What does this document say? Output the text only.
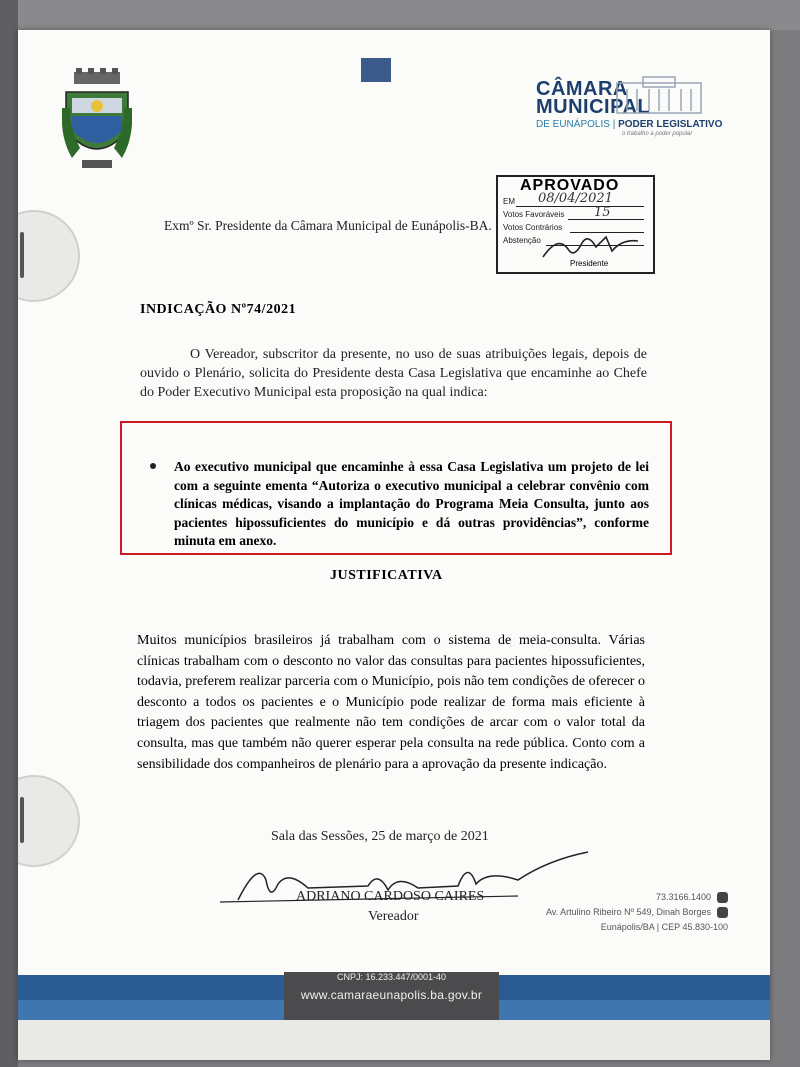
CÂMARA
MUNICIPAL
DE EUNÁPOLIS | PODER LEGISLATIVO
o trabalho a poder popular
APROVADO
EM 08/04/2021
Votos Favoráveis 15
Votos Contrários
Abstenção
Presidente
Exmº Sr. Presidente da Câmara Municipal de Eunápolis-BA.
INDICAÇÃO Nº74/2021
O Vereador, subscritor da presente, no uso de suas atribuições legais, depois de ouvido o Plenário, solicita do Presidente desta Casa Legislativa que encaminhe ao Chefe do Poder Executivo Municipal esta proposição na qual indica:
Ao executivo municipal que encaminhe à essa Casa Legislativa um projeto de lei com a seguinte ementa “Autoriza o executivo municipal a celebrar convênio com clínicas médicas, visando a implantação do Programa Meia Consulta, junto aos pacientes hipossuficientes do município e dá outras providências”, conforme minuta em anexo.
JUSTIFICATIVA
Muitos municípios brasileiros já trabalham com o sistema de meia-consulta. Várias clínicas trabalham com o desconto no valor das consultas para pacientes hipossuficientes, todavia, preferem realizar parceria com o Município, pois não tem condições de oferecer o desconto a todos os pacientes e o Município pode realizar de forma mais eficiente à triagem dos pacientes que realmente não tem condições de arcar com o valor total da consulta, mas que também não querer esperar pela consulta na rede pública. Conto com a sensibilidade dos companheiros de plenário para a aprovação da presente indicação.
Sala das Sessões, 25 de março de 2021
ADRIANO CARDOSO CAIRES
Vereador
73.3166.1400
Av. Artulino Ribeiro Nº 549, Dinah Borges
Eunápolis/BA | CEP 45.830-100
CNPJ: 16.233.447/0001-40
www.camaraeunapolis.ba.gov.br
